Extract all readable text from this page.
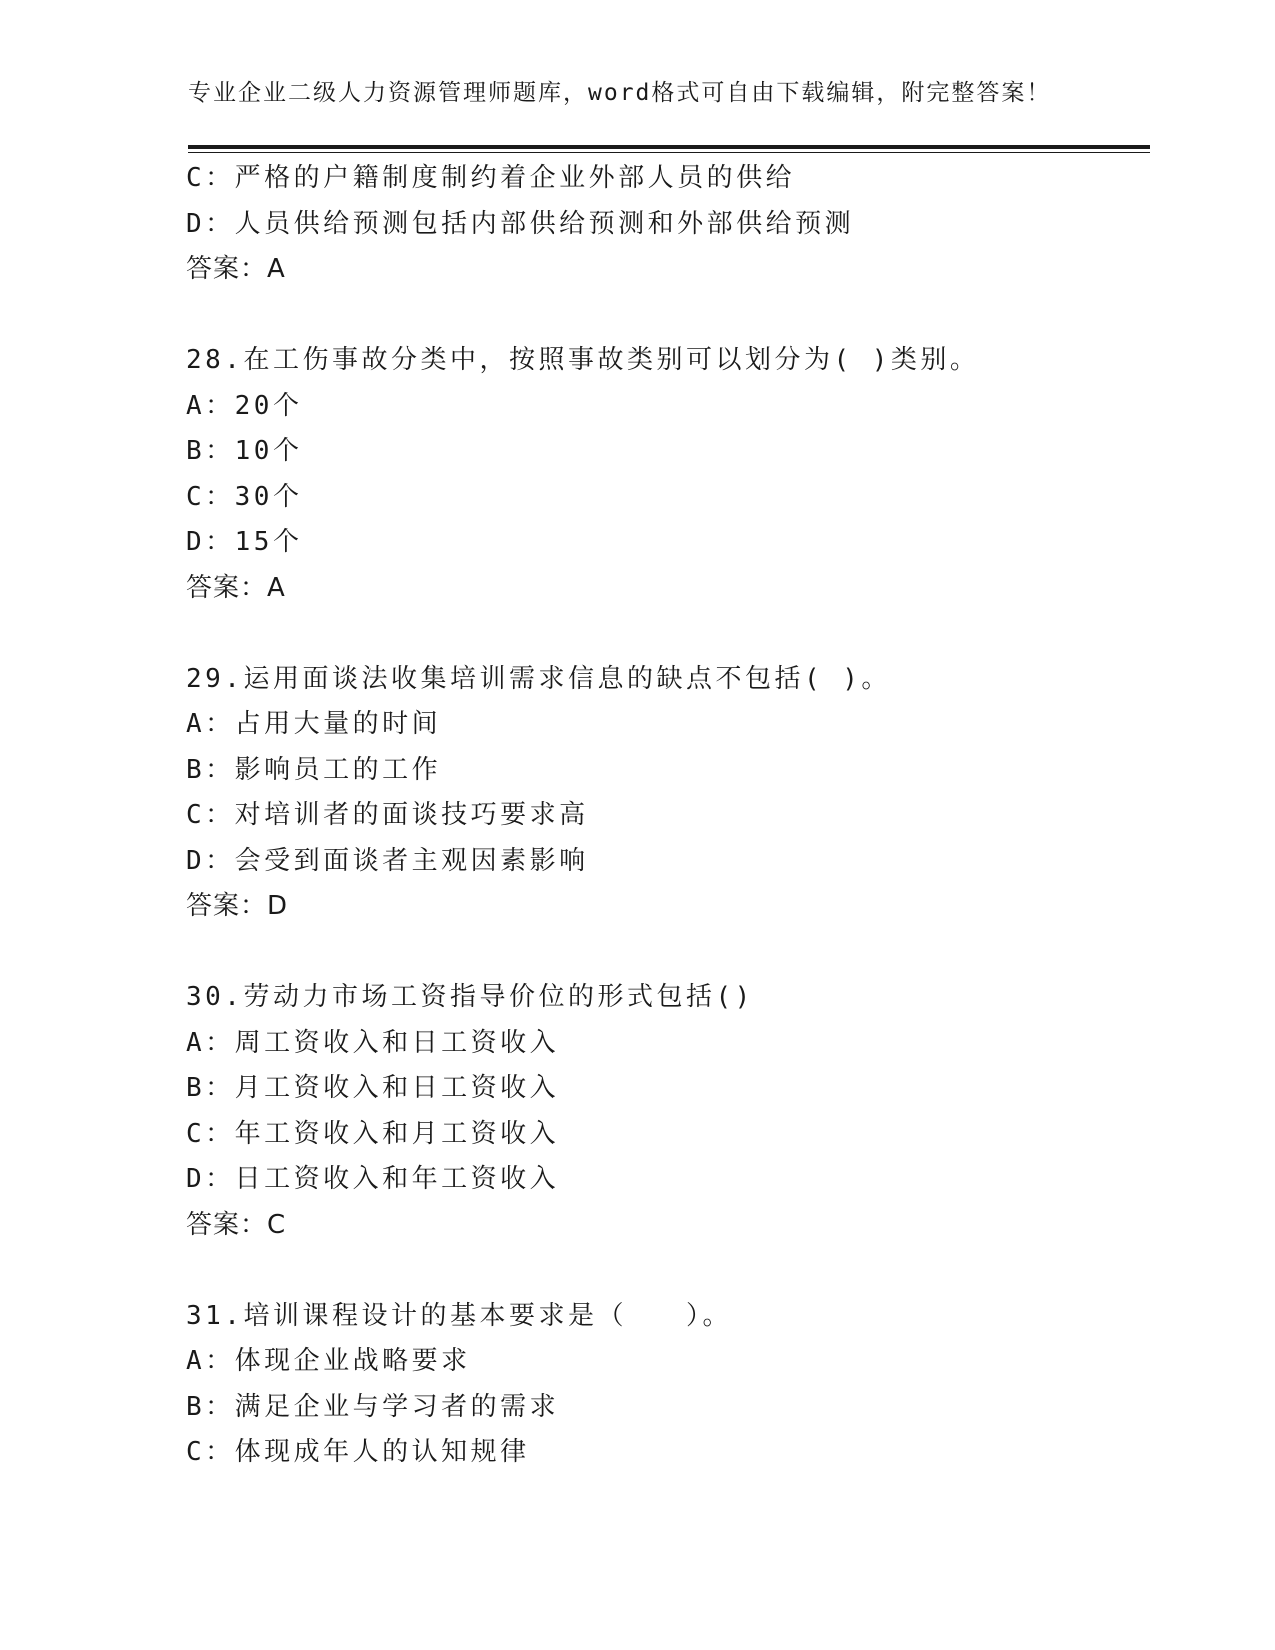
专业企业二级人力资源管理师题库，word格式可自由下载编辑，附完整答案！
C：严格的户籍制度制约着企业外部人员的供给
D：人员供给预测包括内部供给预测和外部供给预测
答案：A
28.在工伤事故分类中，按照事故类别可以划分为( )类别。
A：20个
B：10个
C：30个
D：15个
答案：A
29.运用面谈法收集培训需求信息的缺点不包括( )。
A：占用大量的时间
B：影响员工的工作
C：对培训者的面谈技巧要求高
D：会受到面谈者主观因素影响
答案：D
30.劳动力市场工资指导价位的形式包括()
A：周工资收入和日工资收入
B：月工资收入和日工资收入
C：年工资收入和月工资收入
D：日工资收入和年工资收入
答案：C
31.培训课程设计的基本要求是（　　）。
A：体现企业战略要求
B：满足企业与学习者的需求
C：体现成年人的认知规律
